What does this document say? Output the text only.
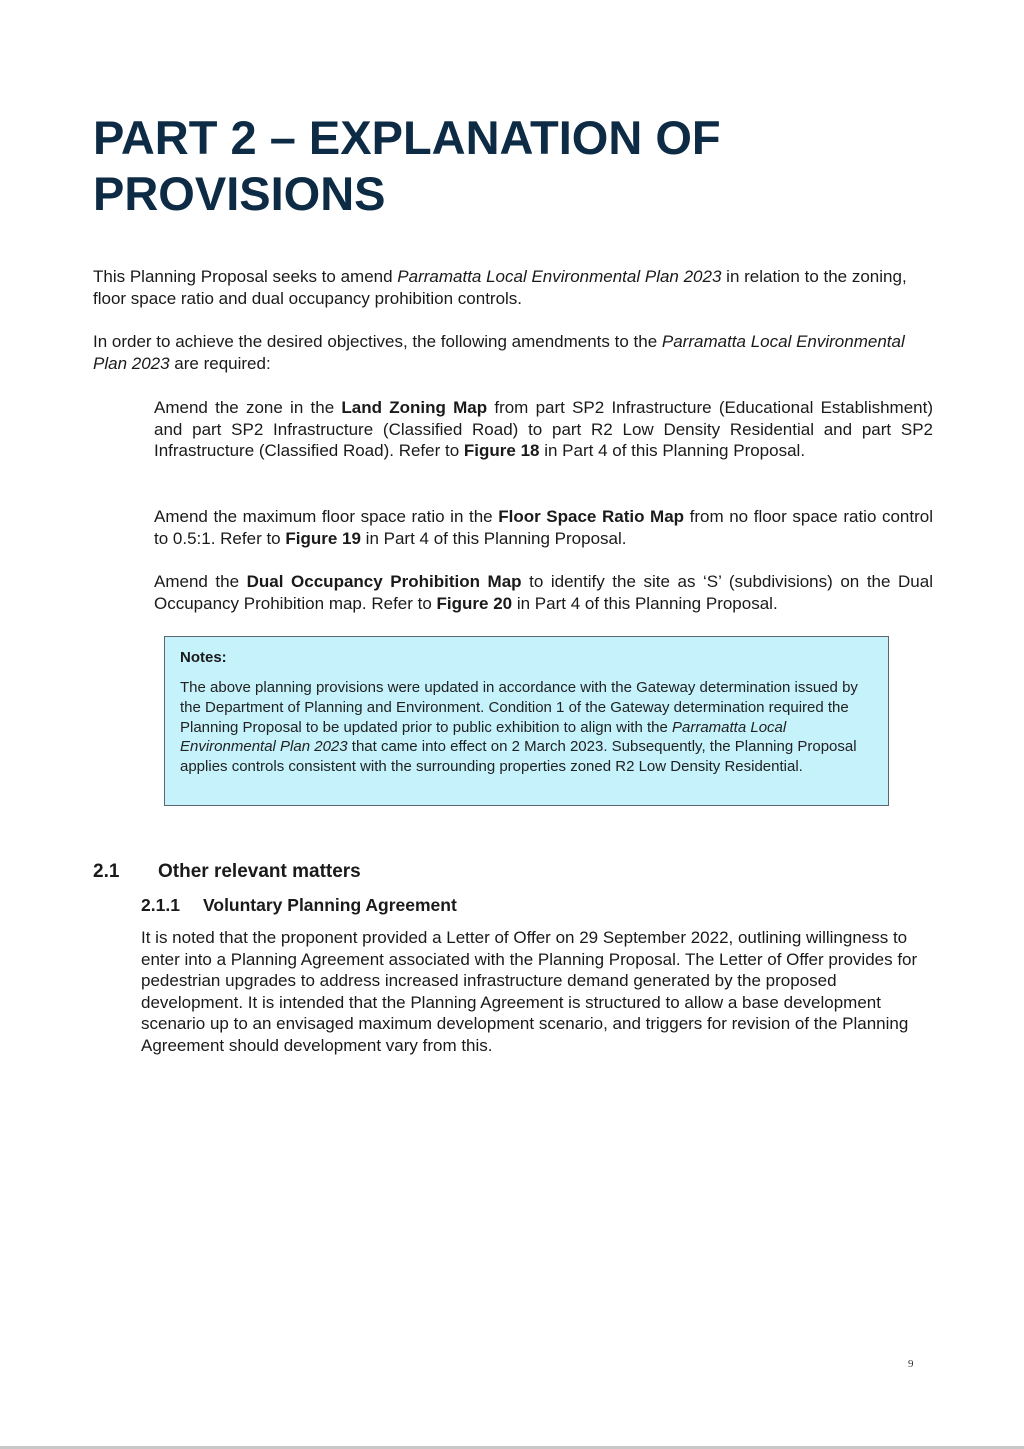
PART 2 – EXPLANATION OF
PROVISIONS

This Planning Proposal seeks to amend Parramatta Local Environmental Plan 2023 in relation to the zoning, floor space ratio and dual occupancy prohibition controls.

In order to achieve the desired objectives, the following amendments to the Parramatta Local Environmental Plan 2023 are required:

Amend the zone in the Land Zoning Map from part SP2 Infrastructure (Educational Establishment) and part SP2 Infrastructure (Classified Road) to part R2 Low Density Residential and part SP2 Infrastructure (Classified Road). Refer to Figure 18 in Part 4 of this Planning Proposal.

Amend the maximum floor space ratio in the Floor Space Ratio Map from no floor space ratio control to 0.5:1. Refer to Figure 19 in Part 4 of this Planning Proposal.

Amend the Dual Occupancy Prohibition Map to identify the site as ‘S’ (subdivisions) on the Dual Occupancy Prohibition map. Refer to Figure 20 in Part 4 of this Planning Proposal.

Notes:

The above planning provisions were updated in accordance with the Gateway determination issued by the Department of Planning and Environment. Condition 1 of the Gateway determination required the Planning Proposal to be updated prior to public exhibition to align with the Parramatta Local Environmental Plan 2023 that came into effect on 2 March 2023. Subsequently, the Planning Proposal applies controls consistent with the surrounding properties zoned R2 Low Density Residential.

2.1 Other relevant matters
2.1.1 Voluntary Planning Agreement

It is noted that the proponent provided a Letter of Offer on 29 September 2022, outlining willingness to enter into a Planning Agreement associated with the Planning Proposal. The Letter of Offer provides for pedestrian upgrades to address increased infrastructure demand generated by the proposed development. It is intended that the Planning Agreement is structured to allow a base development scenario up to an envisaged maximum development scenario, and triggers for revision of the Planning Agreement should development vary from this.

9
